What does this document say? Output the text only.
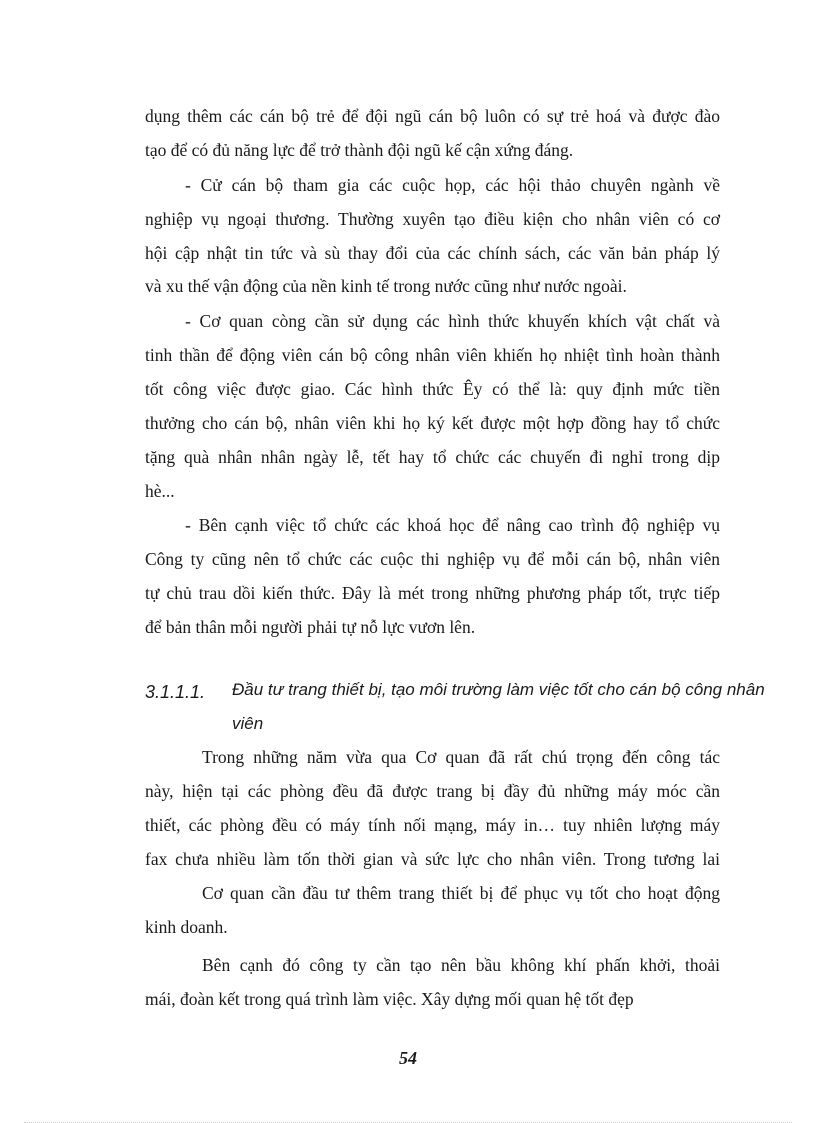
dụng thêm các cán bộ trẻ để đội ngũ cán bộ luôn có sự trẻ hoá và được đào
tạo để có đủ năng lực để trở thành đội ngũ kế cận xứng đáng.
- Cử cán bộ tham gia các cuộc họp, các hội thảo chuyên ngành về
nghiệp vụ ngoại thương. Thường xuyên tạo điều kiện cho nhân viên có cơ
hội cập nhật tin tức và sù thay đổi của các chính sách, các văn bản pháp lý
và xu thế vận động của nền kinh tế trong nước cũng như nước ngoài.
- Cơ quan còng cần sử dụng các hình thức khuyến khích vật chất và
tinh thần để động viên cán bộ công nhân viên khiến họ nhiệt tình hoàn thành
tốt công việc được giao. Các hình thức Êy có thể là: quy định mức tiền
thưởng cho cán bộ, nhân viên khi họ ký kết được một hợp đồng hay tổ chức
tặng quà nhân nhân ngày lễ, tết hay tổ chức các chuyến đi nghỉ trong dịp
hè...
- Bên cạnh việc tổ chức các khoá học để nâng cao trình độ nghiệp vụ
Công ty cũng nên tổ chức các cuộc thi nghiệp vụ để mỗi cán bộ, nhân viên
tự chủ trau dồi kiến thức. Đây là mét trong những phương pháp tốt, trực tiếp
để bản thân mỗi người phải tự nỗ lực vươn lên.
3.1.1.1. Đầu tư trang thiết bị, tạo môi trường làm việc tốt cho cán bộ công nhân
viên
Trong những năm vừa qua Cơ quan đã rất chú trọng đến công tác
này, hiện tại các phòng đều đã được trang bị đầy đủ những máy móc cần
thiết, các phòng đều có máy tính nối mạng, máy in… tuy nhiên lượng máy
fax chưa nhiều làm tốn thời gian và sức lực cho nhân viên. Trong tương lai
Cơ quan cần đầu tư thêm trang thiết bị để phục vụ tốt cho hoạt động
kinh doanh.
Bên cạnh đó công ty cần tạo nên bầu không khí phấn khởi, thoải
mái, đoàn kết trong quá trình làm việc. Xây dựng mối quan hệ tốt đẹp
54
